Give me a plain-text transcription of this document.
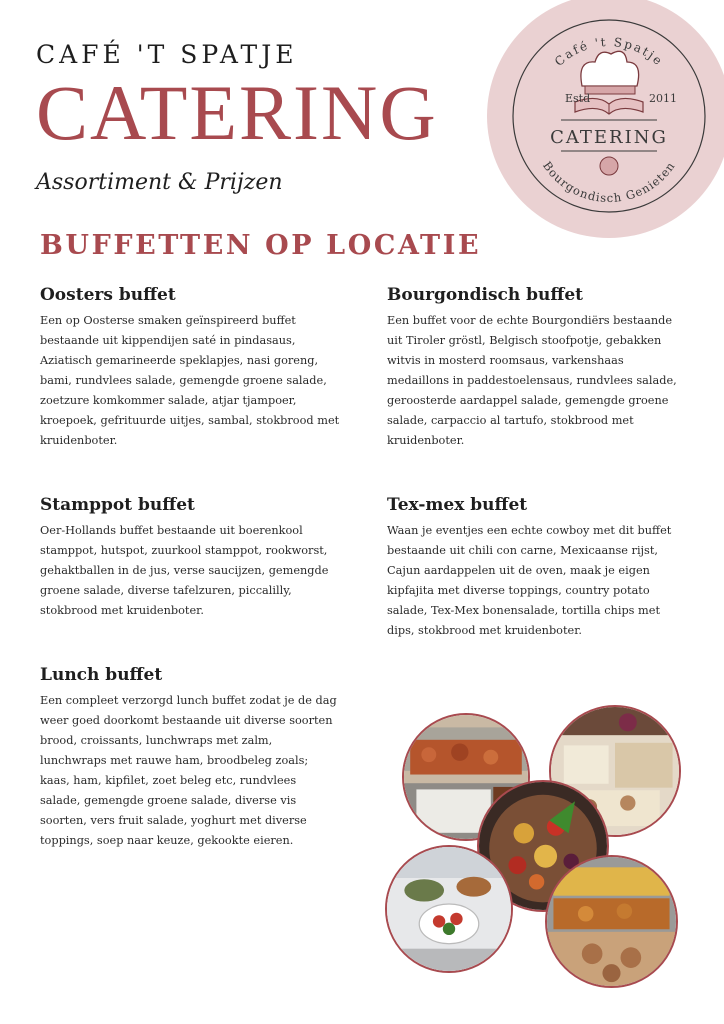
CAFÉ 'T SPATJE
CATERING
Assortiment & Prijzen
Café 't Spatje
Estd	2011
CATERING
Bourgondisch Genieten
BUFFETTEN OP LOCATIE
Oosters buffet

Een op Oosterse smaken geïnspireerd buffet bestaande uit kippendijen saté in pindasaus, Aziatisch gemarineerde speklapjes, nasi goreng, bami, rundvlees salade, gemengde groene salade, zoetzure komkommer salade, atjar tjampoer, kroepoek, gefrituurde uitjes, sambal, stokbrood met kruidenboter.

Bourgondisch buffet

Een buffet voor de echte Bourgondiërs bestaande uit Tiroler gröstl, Belgisch stoofpotje, gebakken witvis in mosterd roomsaus, varkenshaas medaillons in paddestoelensaus, rundvlees salade, geroosterde aardappel salade, gemengde groene salade, carpaccio al tartufo, stokbrood met kruidenboter.

Stamppot buffet

Oer-Hollands buffet bestaande uit boerenkool stamppot, hutspot, zuurkool stamppot, rookworst, gehaktballen in de jus, verse saucijzen, gemengde groene salade, diverse tafelzuren, piccalilly, stokbrood met kruidenboter.

Tex-mex buffet

Waan je eventjes een echte cowboy met dit buffet bestaande uit chili con carne, Mexicaanse rijst, Cajun aardappelen uit de oven, maak je eigen kipfajita met diverse toppings, country potato salade, Tex-Mex bonensalade, tortilla chips met dips, stokbrood met kruidenboter.

Lunch buffet

Een compleet verzorgd lunch buffet zodat je de dag weer goed doorkomt bestaande uit diverse soorten brood, croissants, lunchwraps met zalm, lunchwraps met rauwe ham, broodbeleg zoals; kaas, ham, kipfilet, zoet beleg etc, rundvlees salade, gemengde groene salade, diverse vis soorten, vers fruit salade, yoghurt met diverse toppings, soep naar keuze, gekookte eieren.
